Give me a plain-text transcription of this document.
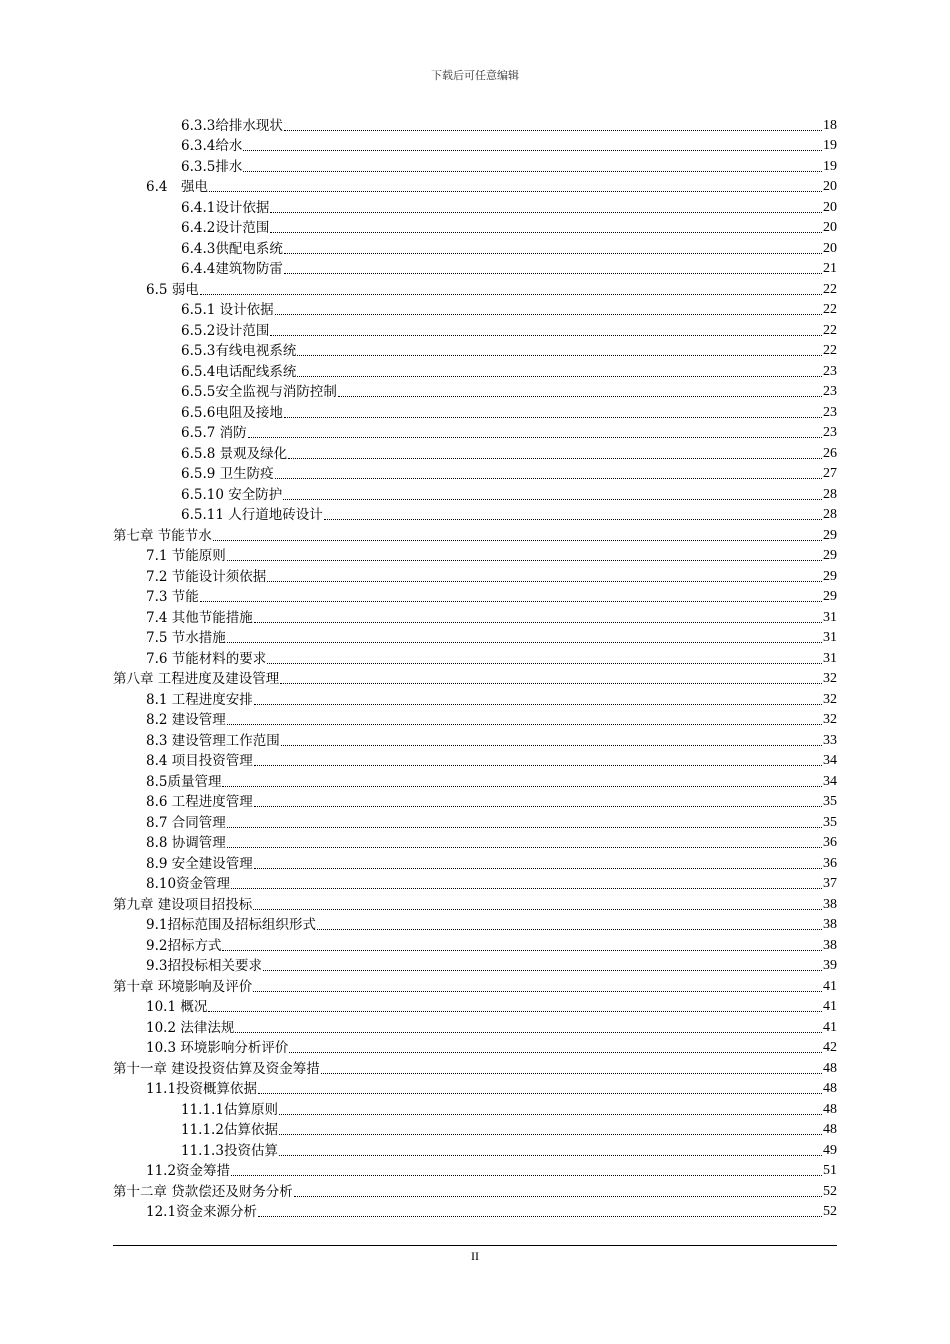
下载后可任意编辑
6.3.3给排水现状	18
6.3.4给水	19
6.3.5排水	19
6.4　强电	20
6.4.1设计依据	20
6.4.2设计范围	20
6.4.3供配电系统	20
6.4.4建筑物防雷	21
6.5 弱电	22
6.5.1 设计依据	22
6.5.2设计范围	22
6.5.3有线电视系统	22
6.5.4电话配线系统	23
6.5.5安全监视与消防控制	23
6.5.6电阻及接地	23
6.5.7 消防	23
6.5.8 景观及绿化	26
6.5.9 卫生防疫	27
6.5.10 安全防护	28
6.5.11 人行道地砖设计	28
第七章 节能节水	29
7.1 节能原则	29
7.2 节能设计须依据	29
7.3 节能	29
7.4 其他节能措施	31
7.5 节水措施	31
7.6 节能材料的要求	31
第八章 工程进度及建设管理	32
8.1 工程进度安排	32
8.2 建设管理	32
8.3 建设管理工作范围	33
8.4 项目投资管理	34
8.5质量管理	34
8.6 工程进度管理	35
8.7 合同管理	35
8.8 协调管理	36
8.9 安全建设管理	36
8.10资金管理	37
第九章 建设项目招投标	38
9.1招标范围及招标组织形式	38
9.2招标方式	38
9.3招投标相关要求	39
第十章 环境影响及评价	41
10.1 概况	41
10.2 法律法规	41
10.3 环境影响分析评价	42
第十一章 建设投资估算及资金筹措	48
11.1投资概算依据	48
11.1.1估算原则	48
11.1.2估算依据	48
11.1.3投资估算	49
11.2资金筹措	51
第十二章 贷款偿还及财务分析	52
12.1资金来源分析	52
II
